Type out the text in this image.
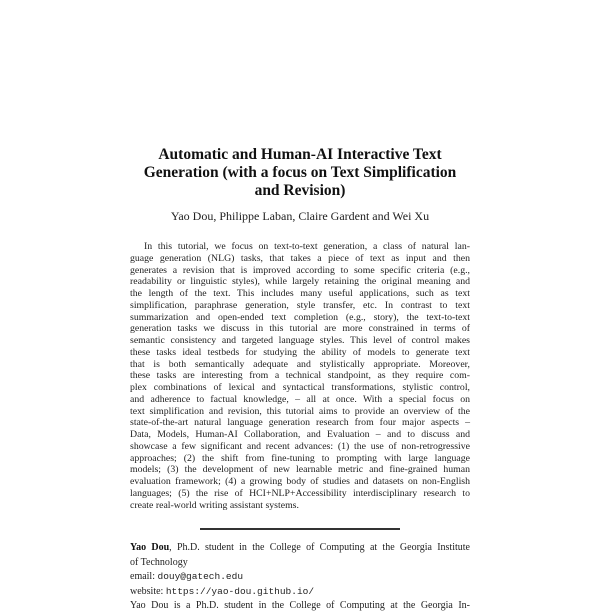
Automatic and Human-AI Interactive Text
Generation (with a focus on Text Simplification
and Revision)
Yao Dou, Philippe Laban, Claire Gardent and Wei Xu
In this tutorial, we focus on text-to-text generation, a class of natural lan-
guage generation (NLG) tasks, that takes a piece of text as input and then
generates a revision that is improved according to some specific criteria (e.g.,
readability or linguistic styles), while largely retaining the original meaning and
the length of the text. This includes many useful applications, such as text
simplification, paraphrase generation, style transfer, etc. In contrast to text
summarization and open-ended text completion (e.g., story), the text-to-text
generation tasks we discuss in this tutorial are more constrained in terms of
semantic consistency and targeted language styles. This level of control makes
these tasks ideal testbeds for studying the ability of models to generate text
that is both semantically adequate and stylistically appropriate. Moreover,
these tasks are interesting from a technical standpoint, as they require com-
plex combinations of lexical and syntactical transformations, stylistic control,
and adherence to factual knowledge, – all at once. With a special focus on
text simplification and revision, this tutorial aims to provide an overview of the
state-of-the-art natural language generation research from four major aspects –
Data, Models, Human-AI Collaboration, and Evaluation – and to discuss and
showcase a few significant and recent advances: (1) the use of non-retrogressive
approaches; (2) the shift from fine-tuning to prompting with large language
models; (3) the development of new learnable metric and fine-grained human
evaluation framework; (4) a growing body of studies and datasets on non-English
languages; (5) the rise of HCI+NLP+Accessibility interdisciplinary research to
create real-world writing assistant systems.
Yao Dou, Ph.D. student in the College of Computing at the Georgia Institute
of Technology
email: douy@gatech.edu
website: https://yao-dou.github.io/
Yao Dou is a Ph.D. student in the College of Computing at the Georgia In-
